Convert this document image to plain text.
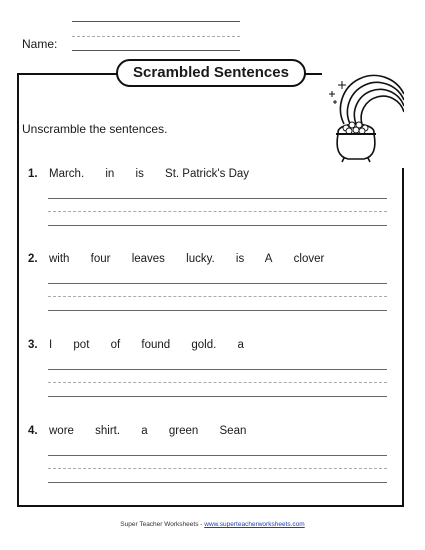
Name:
Scrambled Sentences
Unscramble the sentences.
1. March. in is St. Patrick's Day
2. with four leaves lucky. is A clover
3. I pot of found gold. a
4. wore shirt. a green Sean
Super Teacher Worksheets - www.superteacherworksheets.com
